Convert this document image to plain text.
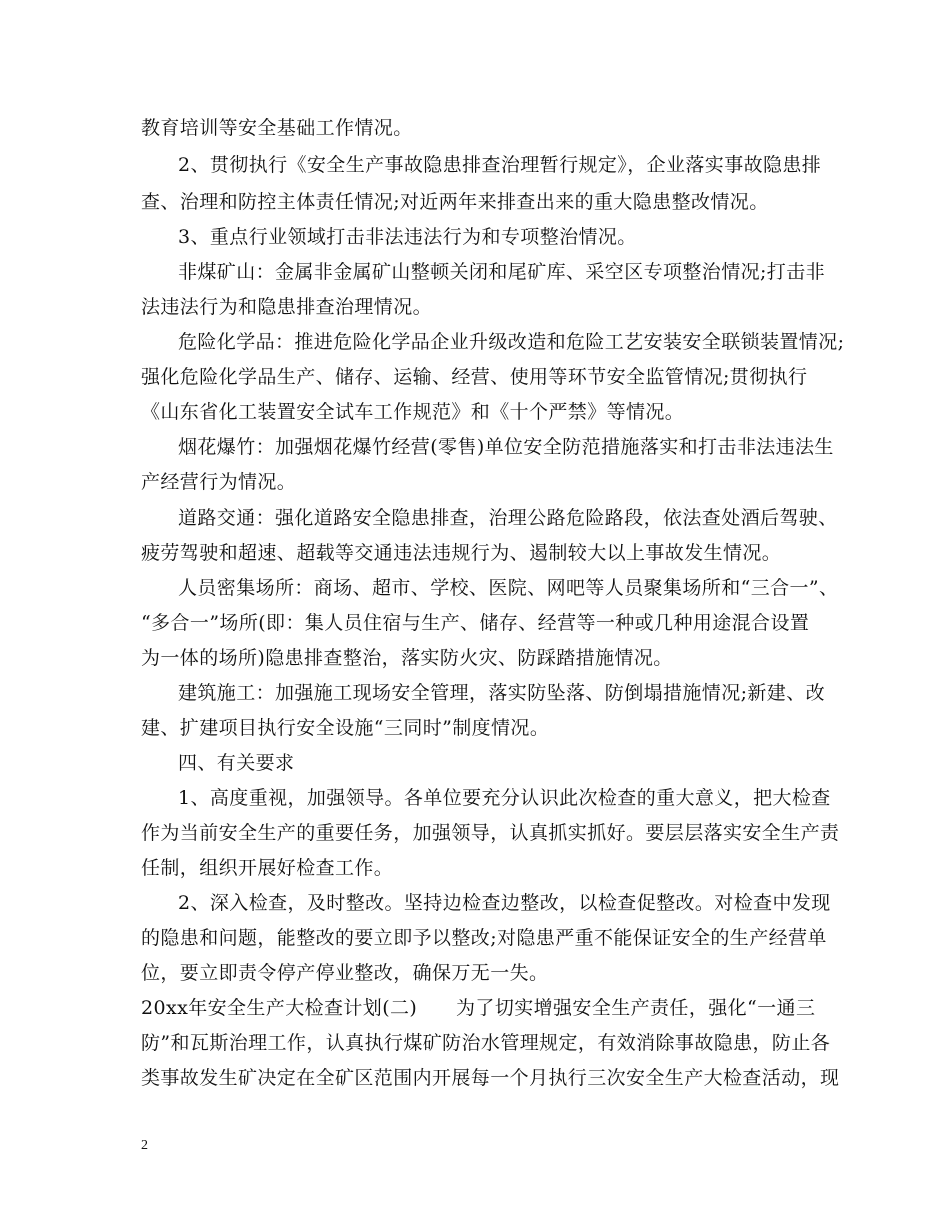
教育培训等安全基础工作情况。
2、贯彻执行《安全生产事故隐患排查治理暂行规定》，企业落实事故隐患排
查、治理和防控主体责任情况;对近两年来排查出来的重大隐患整改情况。
3、重点行业领域打击非法违法行为和专项整治情况。
非煤矿山：金属非金属矿山整顿关闭和尾矿库、采空区专项整治情况;打击非
法违法行为和隐患排查治理情况。
危险化学品：推进危险化学品企业升级改造和危险工艺安装安全联锁装置情况;
强化危险化学品生产、储存、运输、经营、使用等环节安全监管情况;贯彻执行
《山东省化工装置安全试车工作规范》和《十个严禁》等情况。
烟花爆竹：加强烟花爆竹经营(零售)单位安全防范措施落实和打击非法违法生
产经营行为情况。
道路交通：强化道路安全隐患排查，治理公路危险路段，依法查处酒后驾驶、
疲劳驾驶和超速、超载等交通违法违规行为、遏制较大以上事故发生情况。
人员密集场所：商场、超市、学校、医院、网吧等人员聚集场所和“三合一”、
“多合一”场所(即：集人员住宿与生产、储存、经营等一种或几种用途混合设置
为一体的场所)隐患排查整治，落实防火灾、防踩踏措施情况。
建筑施工：加强施工现场安全管理，落实防坠落、防倒塌措施情况;新建、改
建、扩建项目执行安全设施“三同时”制度情况。
四、有关要求
1、高度重视，加强领导。各单位要充分认识此次检查的重大意义，把大检查
作为当前安全生产的重要任务，加强领导，认真抓实抓好。要层层落实安全生产责
任制，组织开展好检查工作。
2、深入检查，及时整改。坚持边检查边整改，以检查促整改。对检查中发现
的隐患和问题，能整改的要立即予以整改;对隐患严重不能保证安全的生产经营单
位，要立即责令停产停业整改，确保万无一失。
20xx年安全生产大检查计划(二)　　为了切实增强安全生产责任，强化“一通三
防”和瓦斯治理工作，认真执行煤矿防治水管理规定，有效消除事故隐患，防止各
类事故发生矿决定在全矿区范围内开展每一个月执行三次安全生产大检查活动，现
2
